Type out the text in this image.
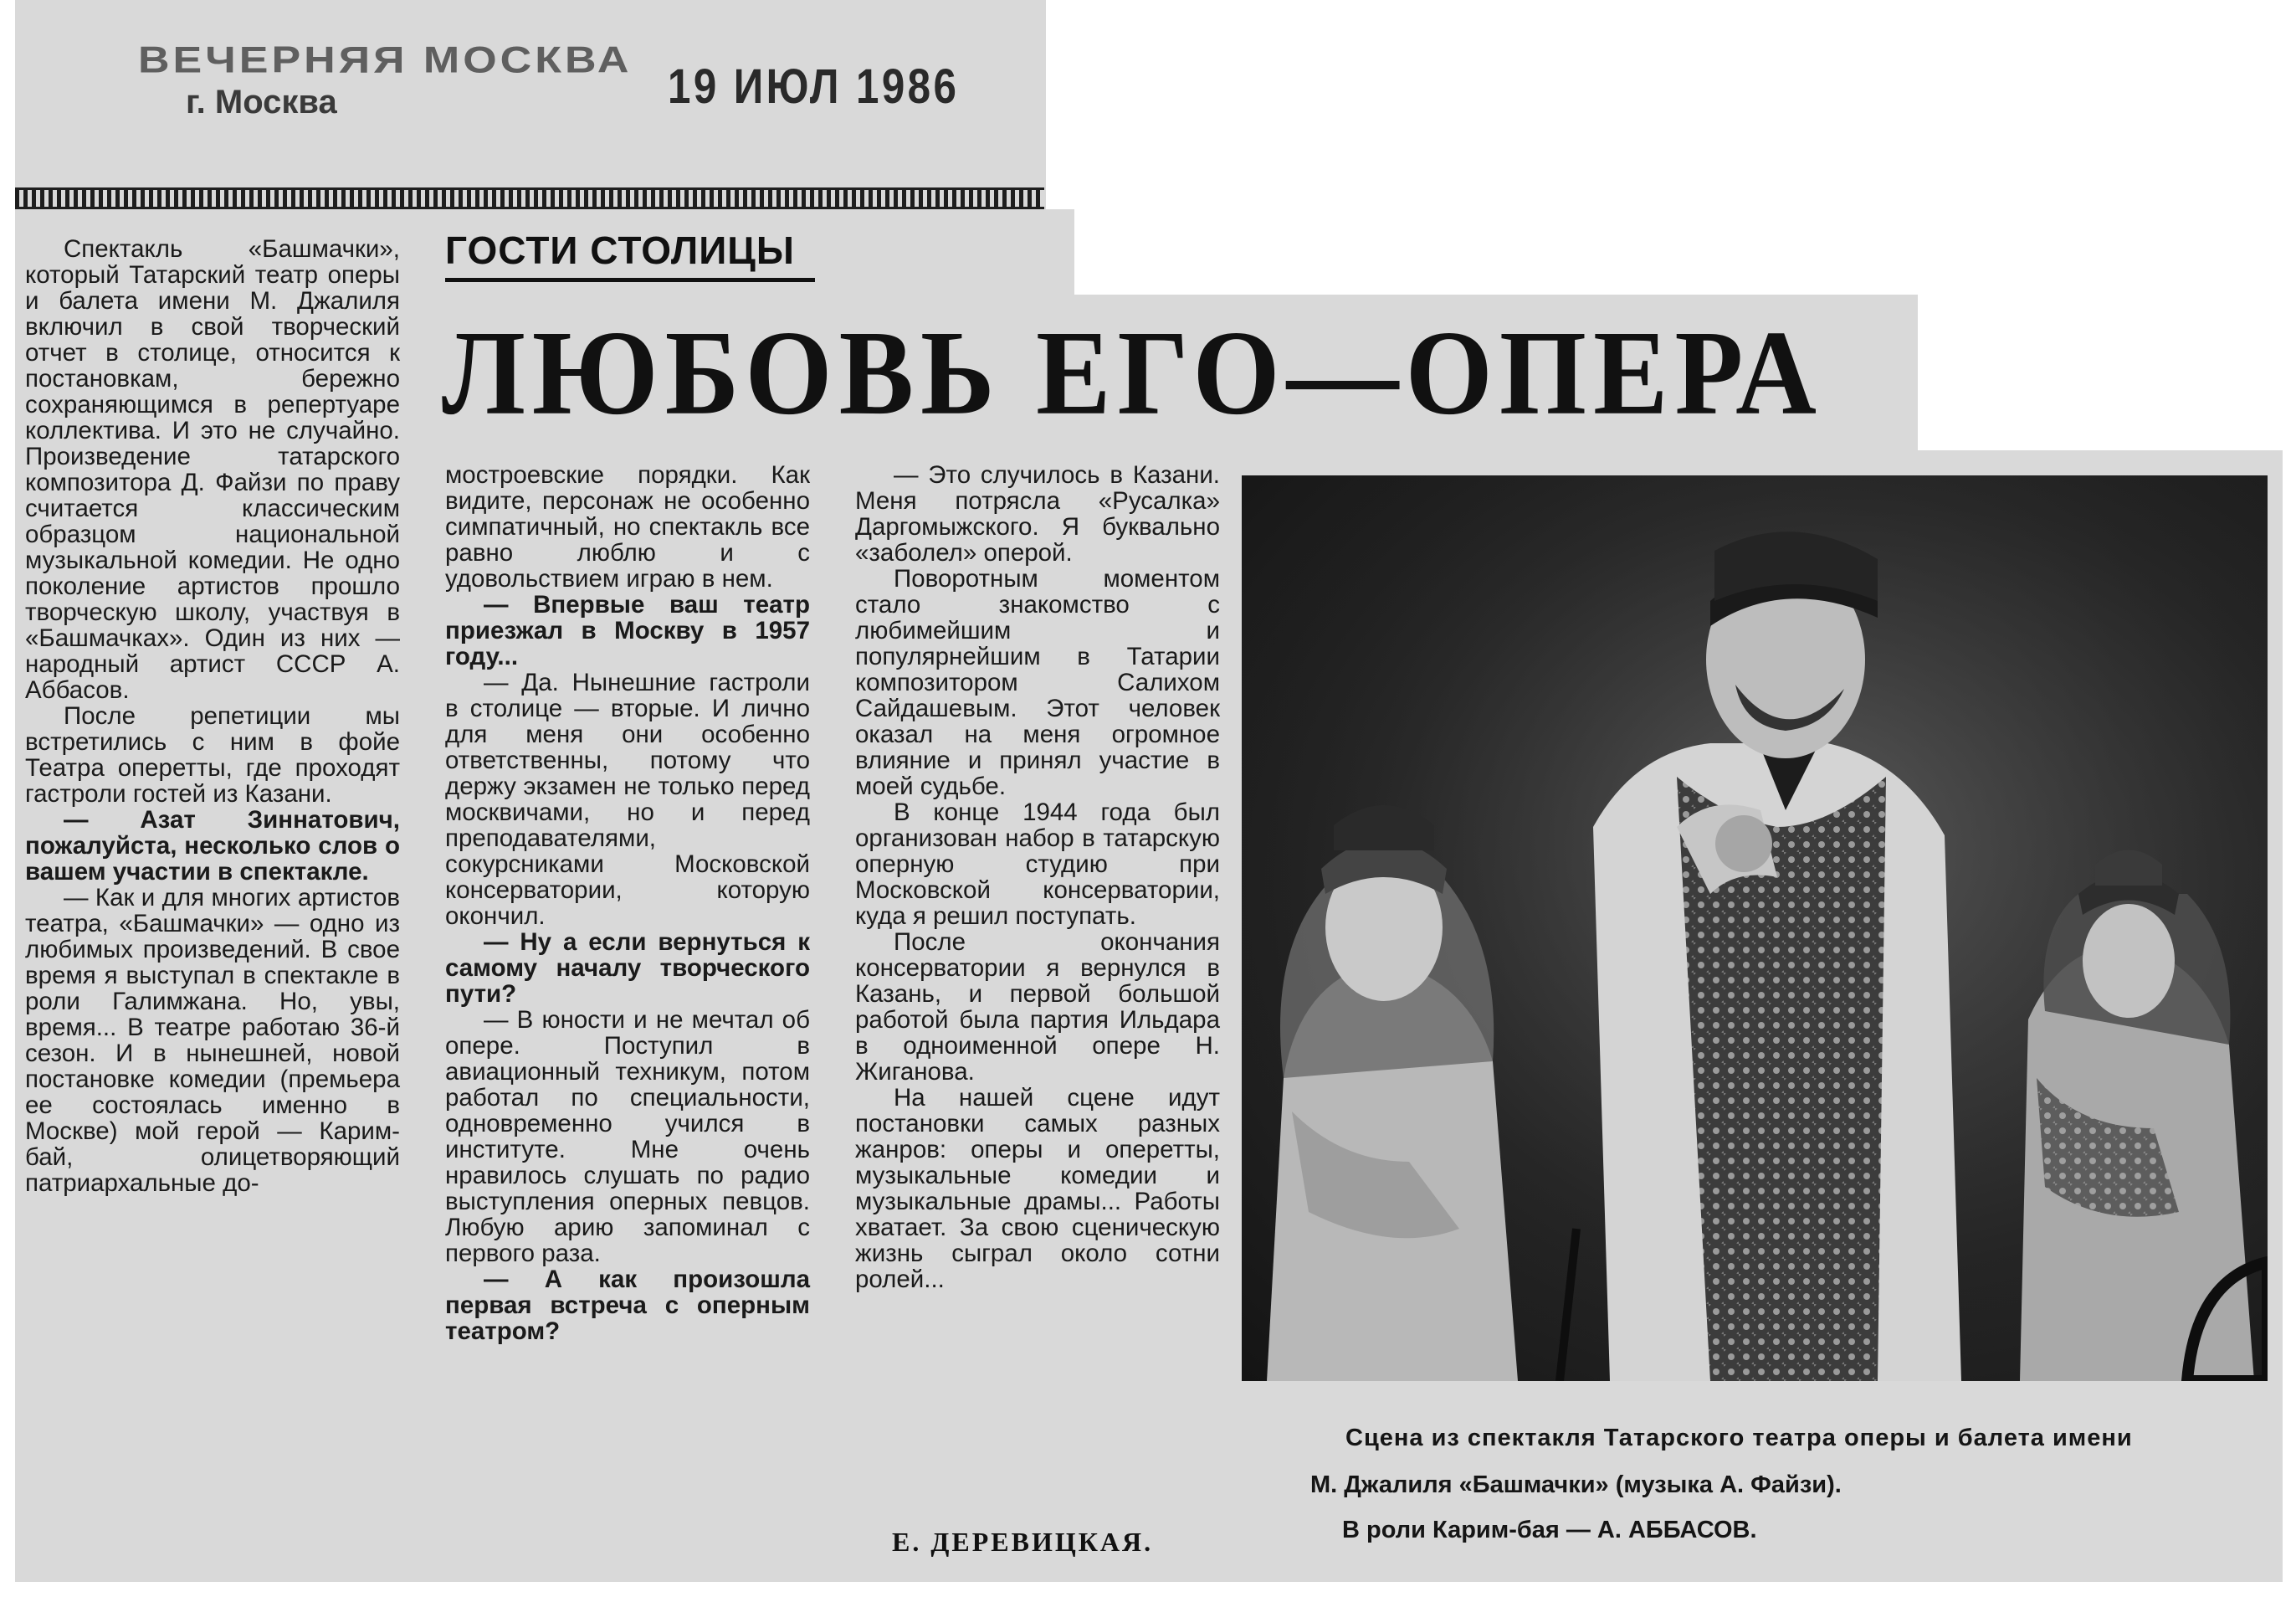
ВЕЧЕРНЯЯ МОСКВА
г. Москва	19 ИЮЛ 1986
ГОСТИ СТОЛИЦЫ
ЛЮБОВЬ ЕГО—ОПЕРА

Спектакль «Башмачки», который Татарский театр оперы и балета имени М. Джалиля включил в свой творческий отчет в столице, относится к постановкам, бережно сохраняющимся в репертуаре коллектива. И это не случайно. Произведение татарского композитора Д. Файзи по праву считается классическим образцом национальной музыкальной комедии. Не одно поколение артистов прошло творческую школу, участвуя в «Башмачках». Один из них — народный артист СССР А. Аббасов.

После репетиции мы встретились с ним в фойе Театра оперетты, где проходят гастроли гостей из Казани.

— Азат Зиннатович, пожалуйста, несколько слов о вашем участии в спектакле.

— Как и для многих артистов театра, «Башмачки» — одно из любимых произведений. В свое время я выступал в спектакле в роли Галимжана. Но, увы, время... В театре работаю 36-й сезон. И в нынешней, новой постановке комедии (премьера ее состоялась именно в Москве) мой герой — Карим-бай, олицетворяющий патриархальные до-

мостроевские порядки. Как видите, персонаж не особенно симпатичный, но спектакль все равно люблю и с удовольствием играю в нем.

— Впервые ваш театр приезжал в Москву в 1957 году...

— Да. Нынешние гастроли в столице — вторые. И лично для меня они особенно ответственны, потому что держу экзамен не только перед москвичами, но и перед преподавателями, сокурсниками Московской консерватории, которую окончил.

— Ну а если вернуться к самому началу творческого пути?

— В юности и не мечтал об опере. Поступил в авиационный техникум, потом работал по специальности, одновременно учился в институте. Мне очень нравилось слушать по радио выступления оперных певцов. Любую арию запоминал с первого раза.

— А как произошла первая встреча с оперным театром?

— Это случилось в Казани. Меня потрясла «Русалка» Даргомыжского. Я буквально «заболел» оперой.

Поворотным моментом стало знакомство с любимейшим и популярнейшим в Татарии композитором Салихом Сайдашевым. Этот человек оказал на меня огромное влияние и принял участие в моей судьбе.

В конце 1944 года был организован набор в татарскую оперную студию при Московской консерватории, куда я решил поступать.

После окончания консерватории я вернулся в Казань, и первой большой работой была партия Ильдара в одноименной опере Н. Жиганова.

На нашей сцене идут постановки самых разных жанров: оперы и оперетты, музыкальные комедии и музыкальные драмы... Работы хватает. За свою сценическую жизнь сыграл около сотни ролей...

Е. ДЕРЕВИЦКАЯ.
Сцена из спектакля Татарского театра оперы и балета имени
М. Джалиля «Башмачки» (музыка А. Файзи).
В роли Карим-бая — А. АББАСОВ.
